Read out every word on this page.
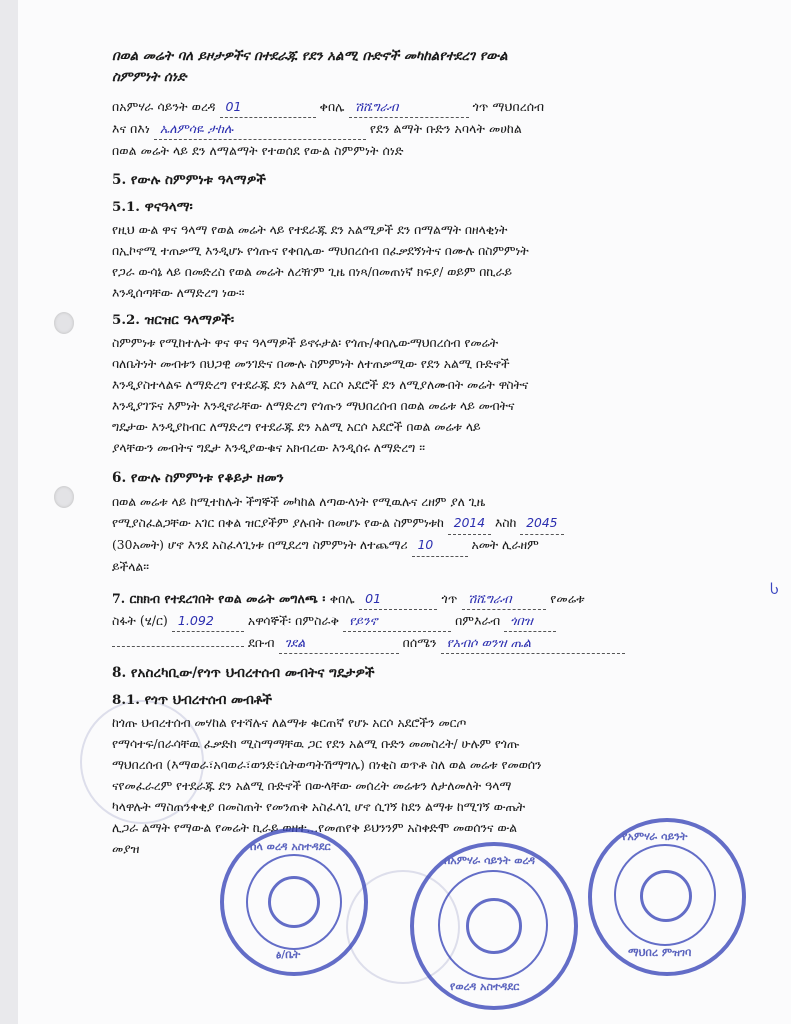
በወል መሬት ባለ ይዞታዎችና በተደራጁ የደን አልሚ ቡድኖች መካከልየተደረገ የውል
ስምምነት ሰነድ
በአምሃራ ሳይንት ወረዳ 01	ቀበሌ ሽሼግራብ	ጎጥ ማህበረሰብ
እና በእነ ኤለምሳዬ ታከሉ	የደን ልማት ቡድን አባላት መሀከል
በወል መሬት ላይ ደን ለማልማት የተወሰደ የውል ስምምነት ሰነድ
5. የውሉ ስምምነቱ ዓላማዎች
5.1. ዋናዓላማ፡
የዚህ ውል ዋና ዓላማ የወል መሬት ላይ የተደራጁ ደን አልሚዎች ደን በማልማት በዘላቂነት
በኢኮኖሚ ተጠቃሚ እንዲሆኑ የጎጡና የቀበሌው ማህበረሰብ በፈቃደኝነትና በሙሉ በስምምነት
የጋራ ውሳኔ ላይ በመድረስ የወል መሬት ለረዥም ጊዜ በነጻ/በመጠነኛ ክፍያ/ ወይም በኪራይ
እንዲሰጣቸው ለማድረግ ነው፡፡
5.2. ዝርዝር ዓላማዎች፡
ስምምነቱ የሚከተሉት ዋና ዋና ዓላማዎች ይኖሩታል፡ የጎጡ/ቀበሌውማህበረሰብ የመሬት
ባለቤትነት መብቱን በህጋዊ መንገድና በሙሉ ስምምነት ለተጠቃሚው የደን አልሚ ቡድኖች
እንዲያስተላልፍ ለማድረግ የተደራጁ ደን አልሚ አርሶ አደሮች ደን ለሚያለሙበት መሬት ዋስትና
እንዲያገኙና እምነት እንዲኖራቸው ለማድረግ የጎጡን ማህበረሰብ በወል መሬቱ ላይ መብትና
ግዴታው እንዲያከብር ለማድረግ የተደራጁ ደን አልሚ አርሶ አደሮች በወል መሬቱ ላይ
ያላቸውን መብትና ግዴታ እንዲያውቁና አክብረው እንዲሰሩ ለማድረግ ፡፡
6. የውሉ ስምምነቱ የቆይታ ዘመን
በወል መሬቱ ላይ ከሚተከሉት ችግኞች መካከል ለጣውላነት የሚዉሉና ረዘም ያለ ጊዜ
የሚያስፈልጋቸው አገር በቀል ዝርያችም ያሉበት በመሆኑ የውል ስምምነቱከ 2014 እስከ 2045
(30አመት) ሆኖ እንደ አስፈላጊነቱ በሚደረግ ስምምነት ለተጨማሪ 10	አመት ሊራዘም
ይችላል፡፡
7. ርክክብ የተደረገበት የወል መሬት መግለጫ ፡ ቀበሌ 01	ጎጥ ሽሼግራብ	የመሬቱ
ስፋት (ሄ/ር) 1.092	አዋሳኞች፡ በምስራቅ የይንኖ	በምእራብ ጎበዝ
ደቡብ ገደል	በሰሜን የአብሶ ወንዝ ጤል
8. የአስረካቢው/የጎጥ ህብረተሰብ መብትና ግዴታዎች
8.1. የጎጥ ህብረተሰብ መብቶች
ከጎጡ ህብረተሰብ መሃከል የተሻሉና ለልማቱ ቁርጠኛ የሆኑ አርሶ አደሮችን መርጦ
የማሳተፍ/በራሳቸዉ ፈቃድከ ሚስማማቸዉ ጋር የደን አልሚ ቡድን መመስረት/ ሁሉም የጎጡ
ማህበረሰብ (እማወራ፣አባወራ፣ወንድ፣ሴትወጣትሽማግሌ) በነቂስ ወጥቶ ስለ ወል መሬቱ የመወሰን
ናየመፈራረም የተደራጁ ደን አልሚ ቡድኖች በውላቸው መሰረት መሬቱን ለታለመለት ዓላማ
ካላዋሉት ማስጠንቀቂያ በመስጠት የመንጠቅ አስፈላጊ ሆኖ ሲገኝ ከደን ልማቱ ከሚገኝ ውጤት
ሊጋራ ልማት የማውል የመሬት ኪራይ ወዘተ...የመጠየቅ ይህንንም አስቀድሞ መወሰንና ውል
መያዝ
Ⴑ
ሰላ ወረዳ አስተዳደር
ፅ/ቤት
በአምሃራ ሳይንት ወረዳ
የወረዳ አስተዳደር
የአምሃራ ሳይንት
ማህበረ ምዝገባ
